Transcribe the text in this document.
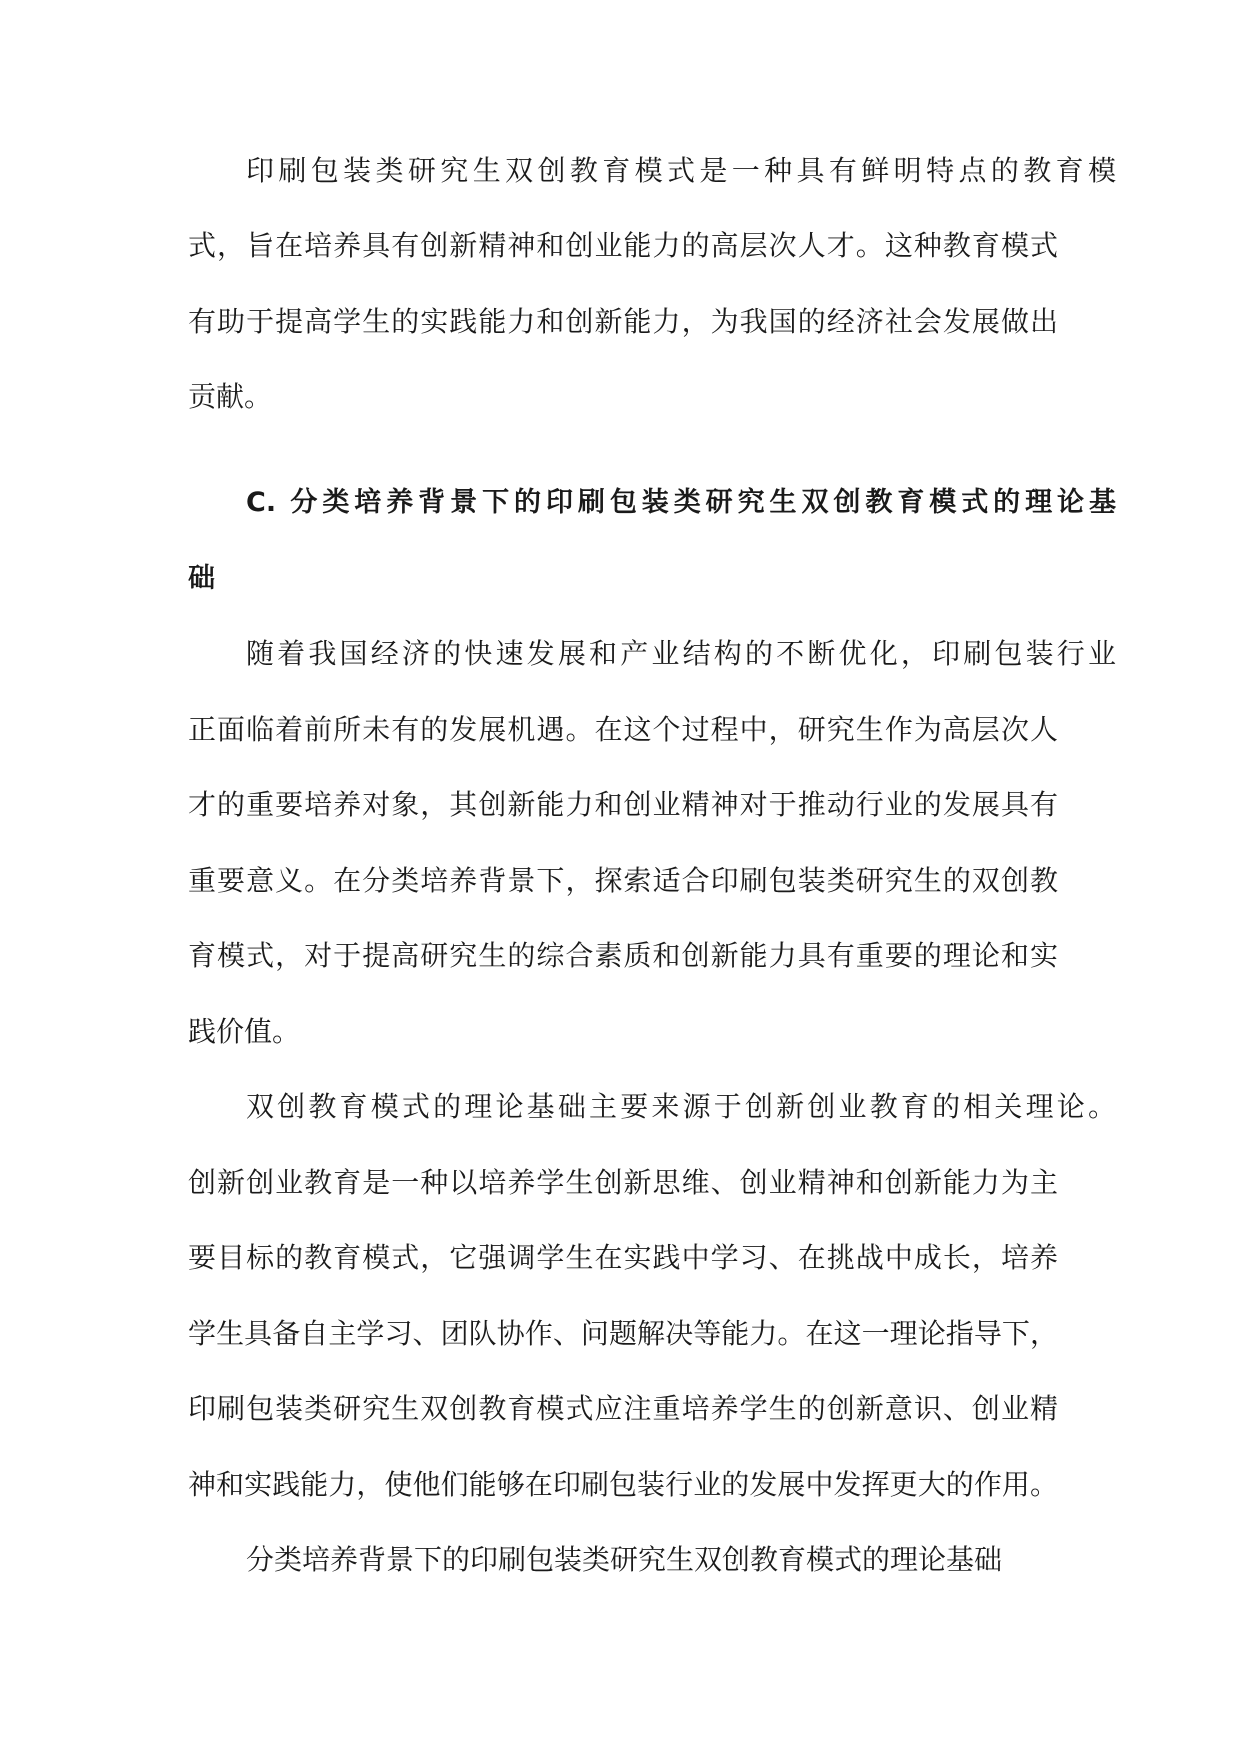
印刷包装类研究生双创教育模式是一种具有鲜明特点的教育模

式，旨在培养具有创新精神和创业能力的高层次人才。这种教育模式

有助于提高学生的实践能力和创新能力，为我国的经济社会发展做出

贡献。

C. 分类培养背景下的印刷包装类研究生双创教育模式的理论基

础

随着我国经济的快速发展和产业结构的不断优化，印刷包装行业

正面临着前所未有的发展机遇。在这个过程中，研究生作为高层次人

才的重要培养对象，其创新能力和创业精神对于推动行业的发展具有

重要意义。在分类培养背景下，探索适合印刷包装类研究生的双创教

育模式，对于提高研究生的综合素质和创新能力具有重要的理论和实

践价值。

双创教育模式的理论基础主要来源于创新创业教育的相关理论。

创新创业教育是一种以培养学生创新思维、创业精神和创新能力为主

要目标的教育模式，它强调学生在实践中学习、在挑战中成长，培养

学生具备自主学习、团队协作、问题解决等能力。在这一理论指导下，

印刷包装类研究生双创教育模式应注重培养学生的创新意识、创业精

神和实践能力，使他们能够在印刷包装行业的发展中发挥更大的作用。

分类培养背景下的印刷包装类研究生双创教育模式的理论基础
